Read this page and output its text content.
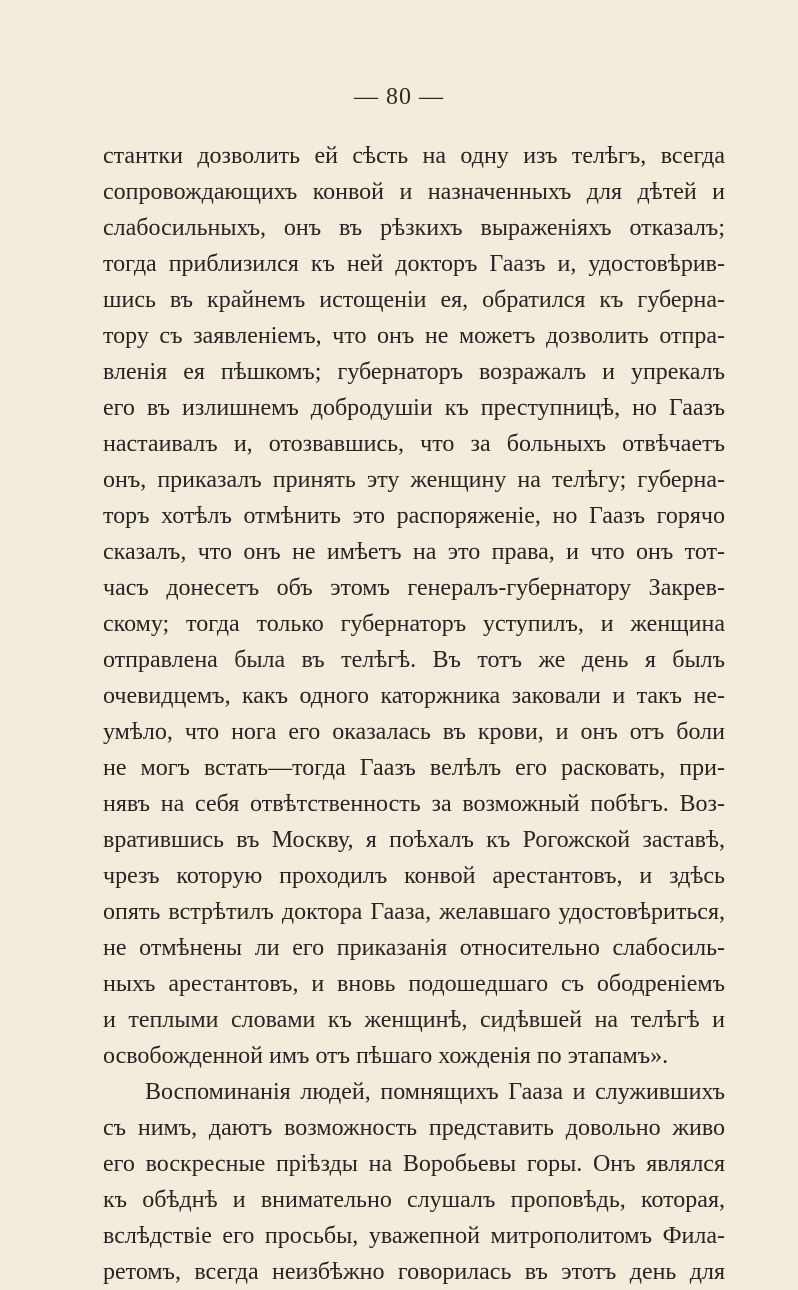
— 80 —
стантки дозволить ей сѣсть на одну изъ телѣгъ, всегда
сопровождающихъ конвой и назначенныхъ для дѣтей и
слабосильныхъ, онъ въ рѣзкихъ выраженіяхъ отказалъ;
тогда приблизился къ ней докторъ Гаазъ и, удостовѣрив-
шись въ крайнемъ истощеніи ея, обратился къ губерна-
тору съ заявленіемъ, что онъ не можетъ дозволить отпра-
вленія ея пѣшкомъ; губернаторъ возражалъ и упрекалъ
его въ излишнемъ добродушіи къ преступницѣ, но Гаазъ
настаивалъ и, отозвавшись, что за больныхъ отвѣчаетъ
онъ, приказалъ принять эту женщину на телѣгу; губерна-
торъ хотѣлъ отмѣнить это распоряженіе, но Гаазъ горячо
сказалъ, что онъ не имѣетъ на это права, и что онъ тот-
часъ донесетъ объ этомъ генералъ-губернатору Закрев-
скому; тогда только губернаторъ уступилъ, и женщина
отправлена была въ телѣгѣ. Въ тотъ же день я былъ
очевидцемъ, какъ одного каторжника заковали и такъ не-
умѣло, что нога его оказалась въ крови, и онъ отъ боли
не могъ встать—тогда Гаазъ велѣлъ его расковать, при-
нявъ на себя отвѣтственность за возможный побѣгъ. Воз-
вратившись въ Москву, я поѣхалъ къ Рогожской заставѣ,
чрезъ которую проходилъ конвой арестантовъ, и здѣсь
опять встрѣтилъ доктора Гааза, желавшаго удостовѣриться,
не отмѣнены ли его приказанія относительно слабосиль-
ныхъ арестантовъ, и вновь подошедшаго съ ободреніемъ
и теплыми словами къ женщинѣ, сидѣвшей на телѣгѣ и
освобожденной имъ отъ пѣшаго хожденія по этапамъ».
Воспоминанія людей, помнящихъ Гааза и служившихъ
съ нимъ, даютъ возможность представить довольно живо
его воскресные пріѣзды на Воробьевы горы. Онъ являлся
къ обѣднѣ и внимательно слушалъ проповѣдь, которая,
вслѣдствіе его просьбы, уважепной митрополитомъ Фила-
ретомъ, всегда неизбѣжно говорилась въ этотъ день для
